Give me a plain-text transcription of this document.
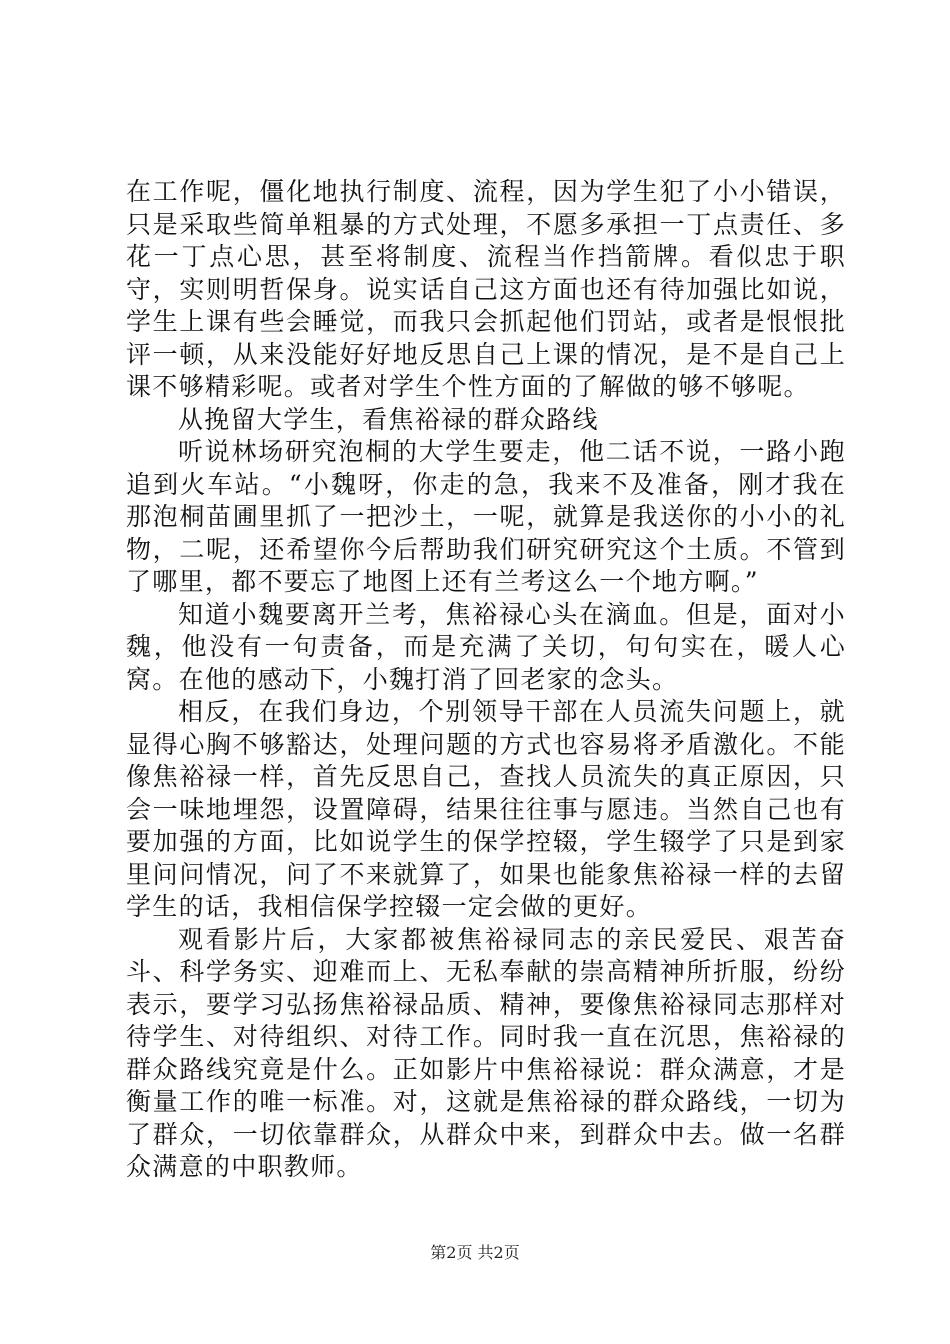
在工作呢，僵化地执行制度、流程，因为学生犯了小小错误，只是采取些简单粗暴的方式处理，不愿多承担一丁点责任、多花一丁点心思，甚至将制度、流程当作挡箭牌。看似忠于职守，实则明哲保身。说实话自己这方面也还有待加强比如说，学生上课有些会睡觉，而我只会抓起他们罚站，或者是恨恨批评一顿，从来没能好好地反思自己上课的情况，是不是自己上课不够精彩呢。或者对学生个性方面的了解做的够不够呢。

从挽留大学生，看焦裕禄的群众路线

听说林场研究泡桐的大学生要走，他二话不说，一路小跑追到火车站。“小魏呀，你走的急，我来不及准备，刚才我在那泡桐苗圃里抓了一把沙土，一呢，就算是我送你的小小的礼物，二呢，还希望你今后帮助我们研究研究这个土质。不管到了哪里，都不要忘了地图上还有兰考这么一个地方啊。”

知道小魏要离开兰考，焦裕禄心头在滴血。但是，面对小魏，他没有一句责备，而是充满了关切，句句实在，暖人心窝。在他的感动下，小魏打消了回老家的念头。

相反，在我们身边，个别领导干部在人员流失问题上，就显得心胸不够豁达，处理问题的方式也容易将矛盾激化。不能像焦裕禄一样，首先反思自己，查找人员流失的真正原因，只会一味地埋怨，设置障碍，结果往往事与愿违。当然自己也有要加强的方面，比如说学生的保学控辍，学生辍学了只是到家里问问情况，问了不来就算了，如果也能象焦裕禄一样的去留学生的话，我相信保学控辍一定会做的更好。

观看影片后，大家都被焦裕禄同志的亲民爱民、艰苦奋斗、科学务实、迎难而上、无私奉献的崇高精神所折服，纷纷表示，要学习弘扬焦裕禄品质、精神，要像焦裕禄同志那样对待学生、对待组织、对待工作。同时我一直在沉思，焦裕禄的群众路线究竟是什么。正如影片中焦裕禄说：群众满意，才是衡量工作的唯一标准。对，这就是焦裕禄的群众路线，一切为了群众，一切依靠群众，从群众中来，到群众中去。做一名群众满意的中职教师。

第2页 共2页
